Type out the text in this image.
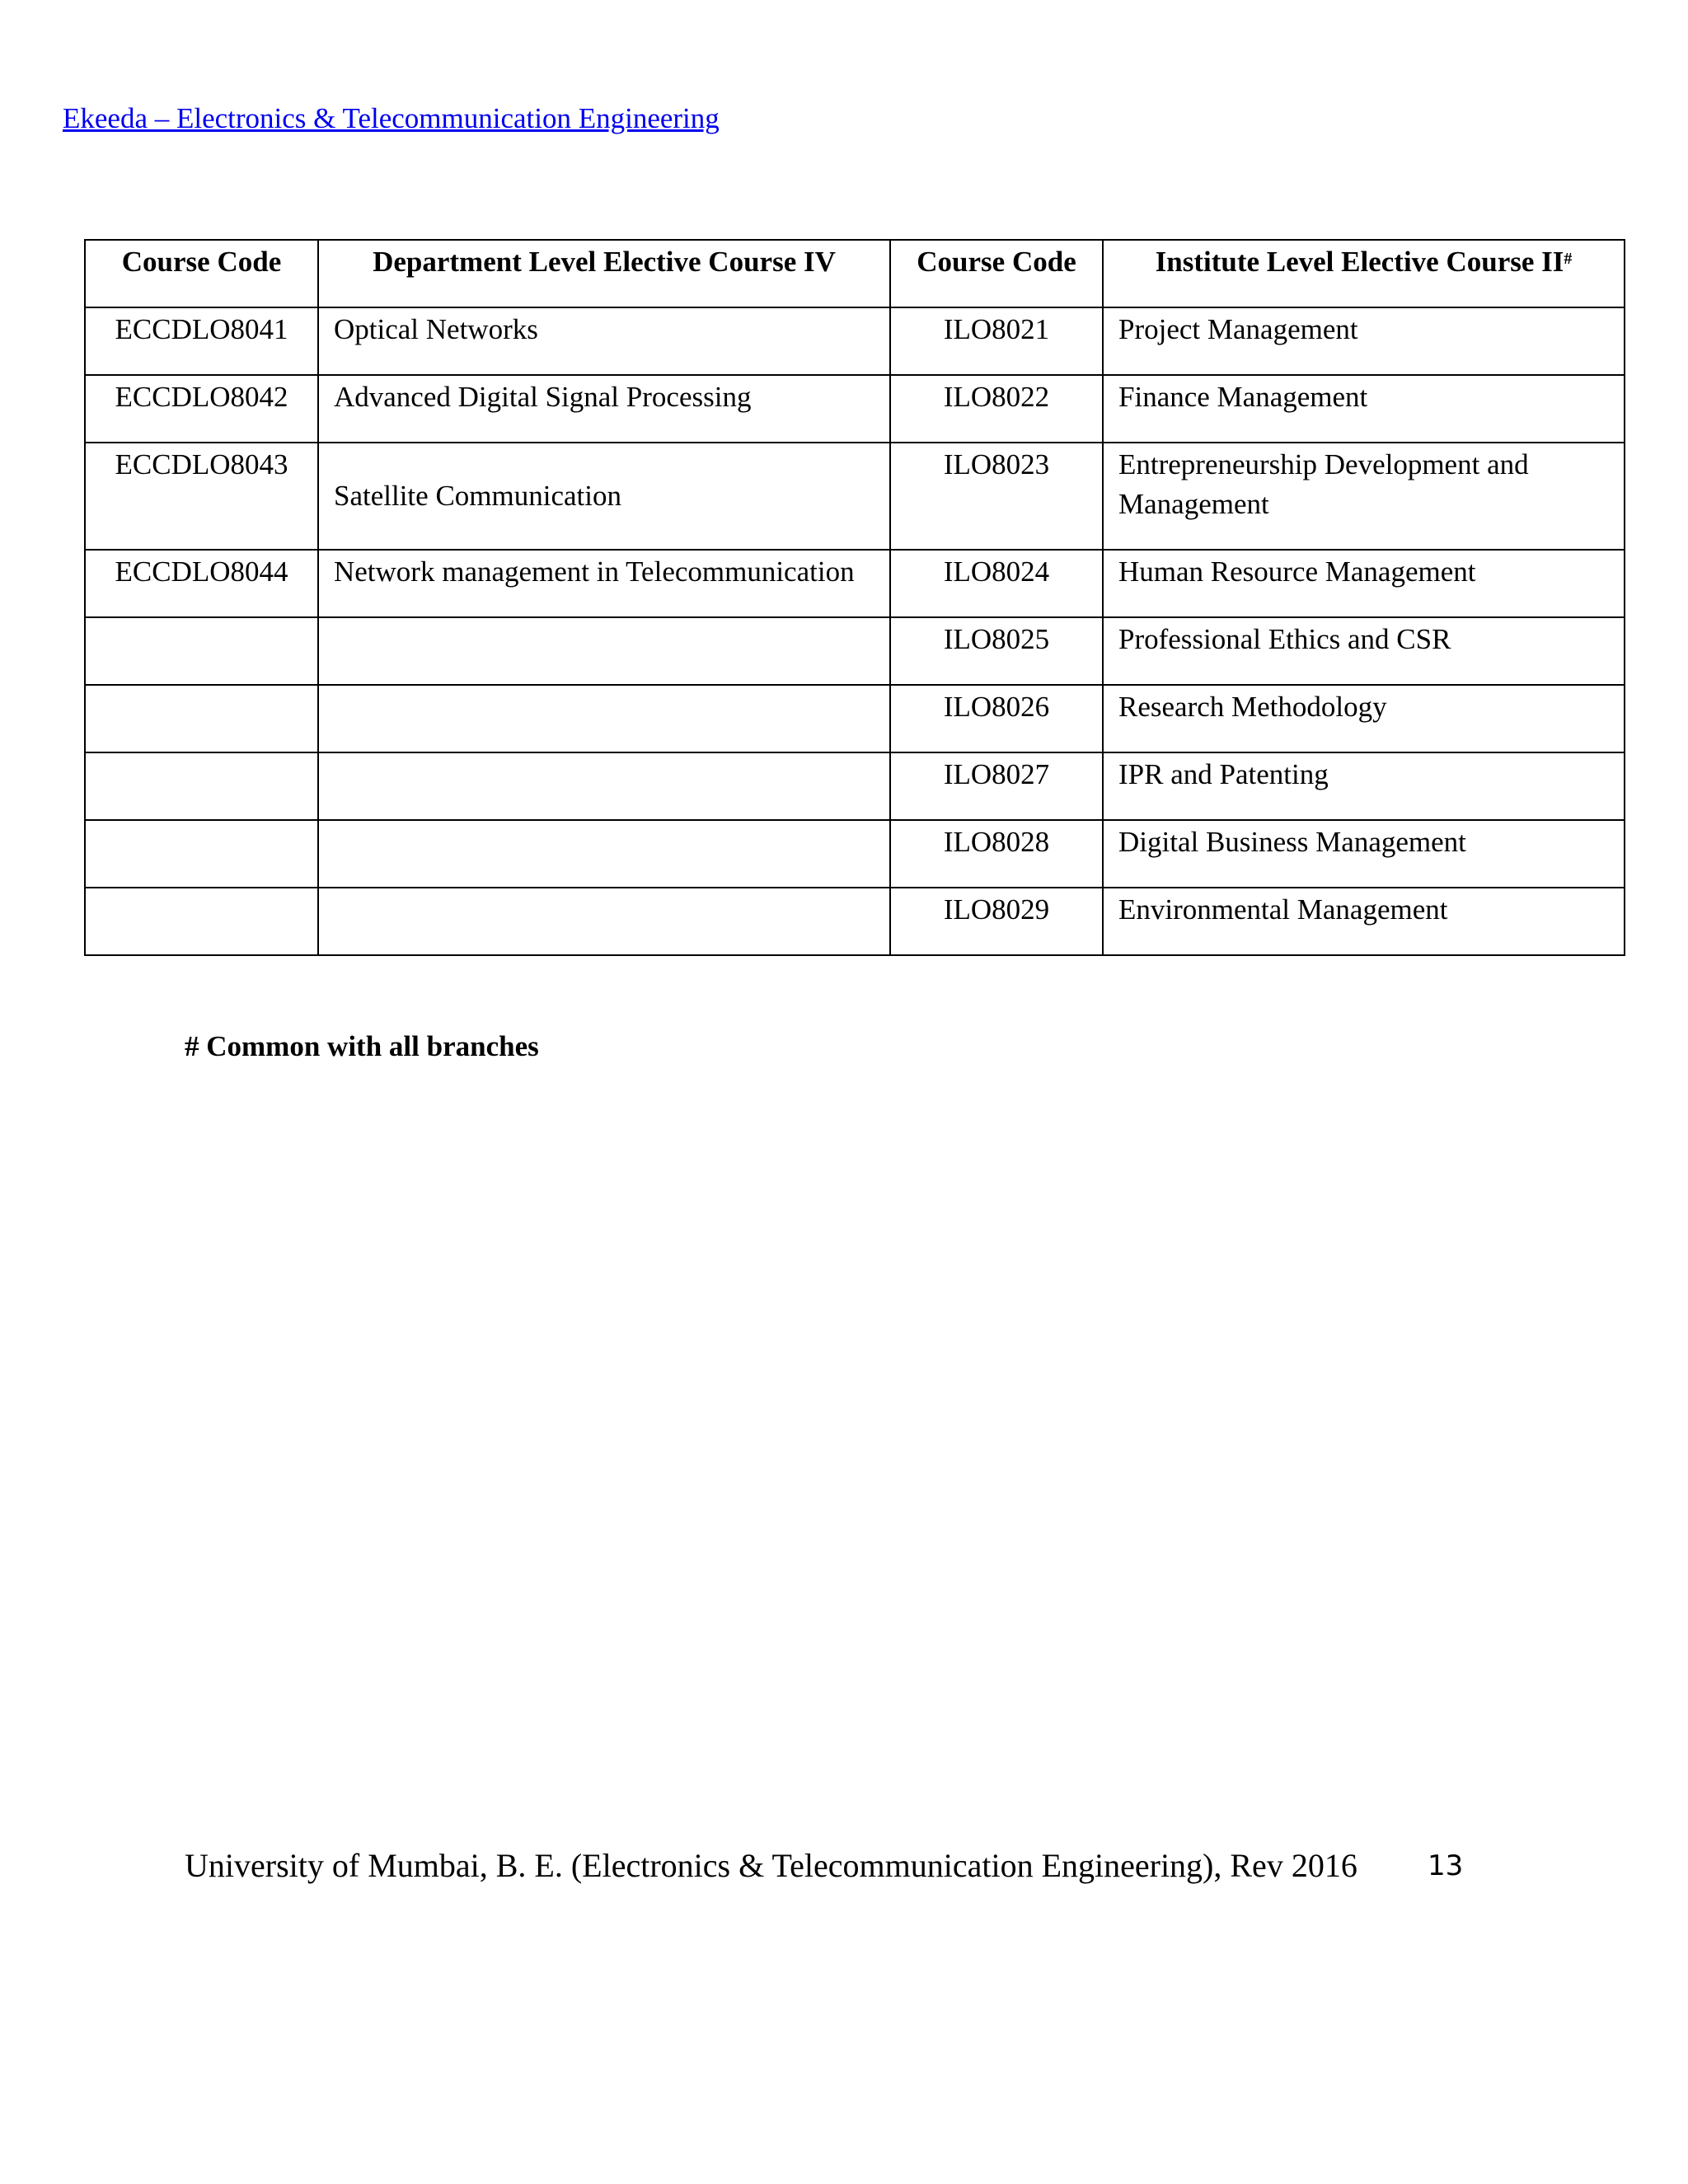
Ekeeda – Electronics & Telecommunication Engineering
Course Code	Department Level Elective Course IV	Course Code	Institute Level Elective Course II#
ECCDLO8041	Optical Networks	ILO8021	Project Management
ECCDLO8042	Advanced Digital Signal Processing	ILO8022	Finance Management
ECCDLO8043	Satellite Communication	ILO8023	Entrepreneurship Development and Management
ECCDLO8044	Network management in Telecommunication	ILO8024	Human Resource Management
		ILO8025	Professional Ethics and CSR
		ILO8026	Research Methodology
		ILO8027	IPR and Patenting
		ILO8028	Digital Business Management
		ILO8029	Environmental Management
# Common with all branches
University of Mumbai, B. E. (Electronics & Telecommunication Engineering), Rev 2016	13
